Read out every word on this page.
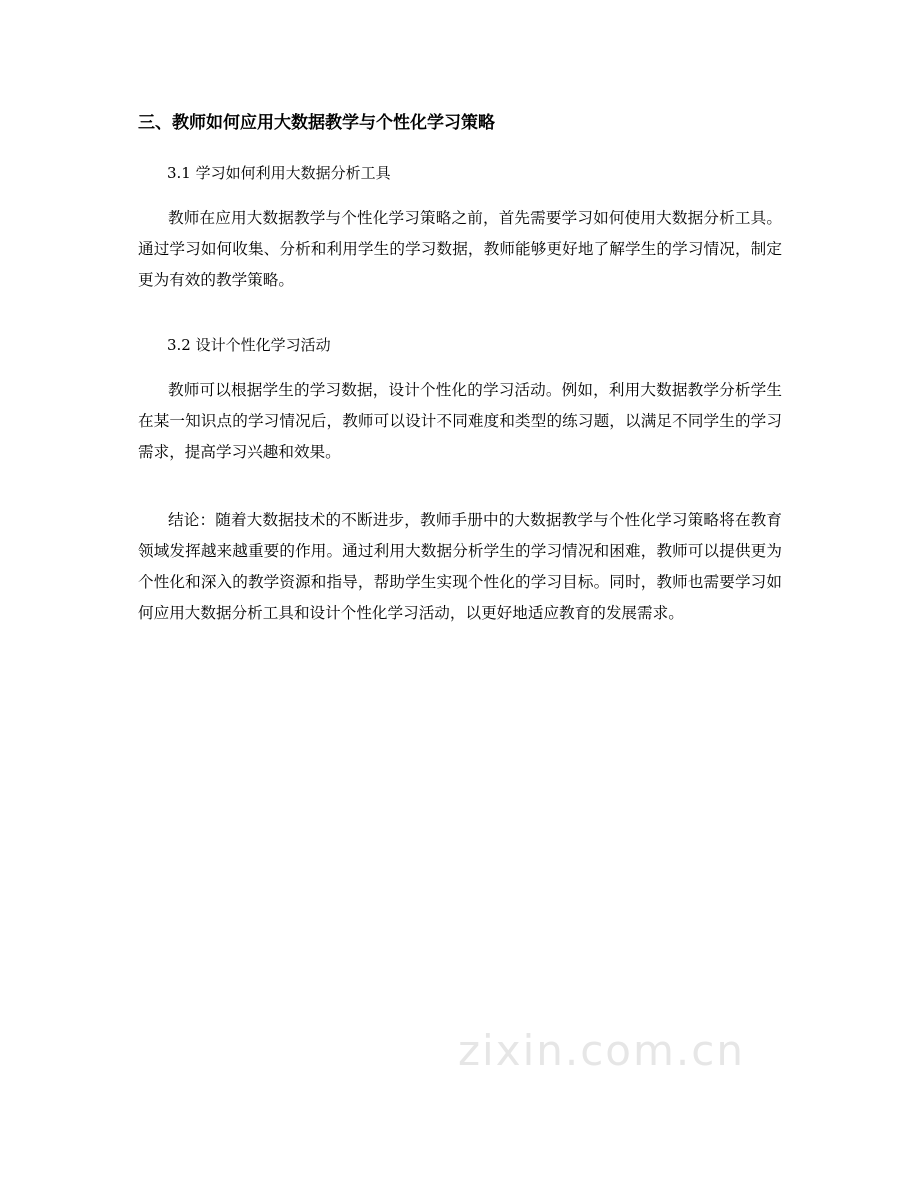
三、教师如何应用大数据教学与个性化学习策略
3.1 学习如何利用大数据分析工具
教师在应用大数据教学与个性化学习策略之前，首先需要学习如何使用大数据分析工具。通过学习如何收集、分析和利用学生的学习数据，教师能够更好地了解学生的学习情况，制定更为有效的教学策略。
3.2 设计个性化学习活动
教师可以根据学生的学习数据，设计个性化的学习活动。例如，利用大数据教学分析学生在某一知识点的学习情况后，教师可以设计不同难度和类型的练习题，以满足不同学生的学习需求，提高学习兴趣和效果。
结论：随着大数据技术的不断进步，教师手册中的大数据教学与个性化学习策略将在教育领域发挥越来越重要的作用。通过利用大数据分析学生的学习情况和困难，教师可以提供更为个性化和深入的教学资源和指导，帮助学生实现个性化的学习目标。同时，教师也需要学习如何应用大数据分析工具和设计个性化学习活动，以更好地适应教育的发展需求。
zixin.com.cn
